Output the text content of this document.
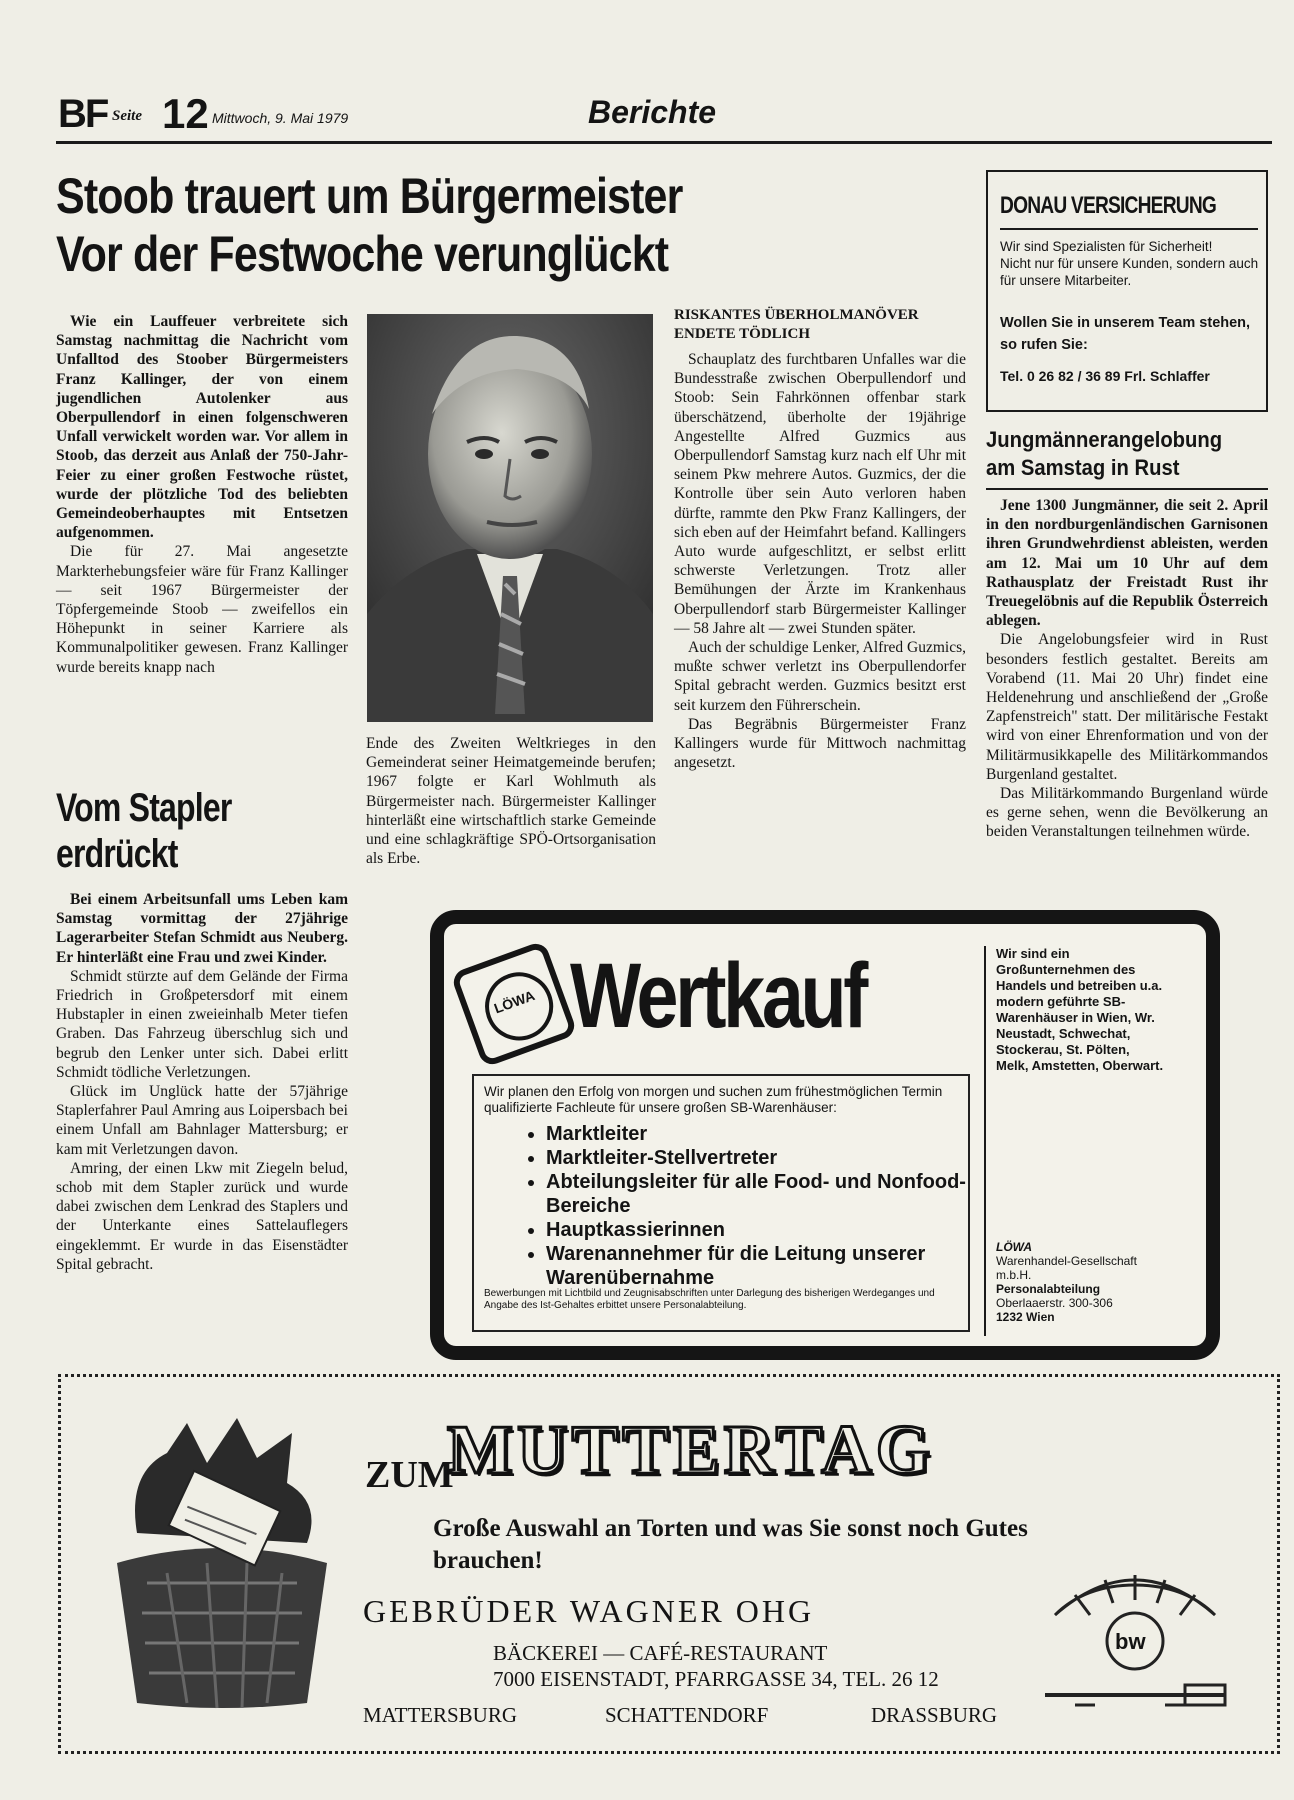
BF Seite 12 Mittwoch, 9. Mai 1979	Berichte
Stoob trauert um Bürgermeister
Vor der Festwoche verunglückt

Wie ein Lauffeuer verbreitete sich Samstag nachmittag die Nachricht vom Unfalltod des Stoober Bürgermeisters Franz Kallinger, der von einem jugendlichen Autolenker aus Oberpullendorf in einen folgenschweren Unfall verwickelt worden war. Vor allem in Stoob, das derzeit aus Anlaß der 750-Jahr-Feier zu einer großen Festwoche rüstet, wurde der plötzliche Tod des beliebten Gemeindeoberhauptes mit Entsetzen aufgenommen.

Die für 27. Mai angesetzte Markterhebungsfeier wäre für Franz Kallinger — seit 1967 Bürgermeister der Töpfergemeinde Stoob — zweifellos ein Höhepunkt in seiner Karriere als Kommunalpolitiker gewesen. Franz Kallinger wurde bereits knapp nach

Vom Stapler
erdrückt

Bei einem Arbeitsunfall ums Leben kam Samstag vormittag der 27jährige Lagerarbeiter Stefan Schmidt aus Neuberg. Er hinterläßt eine Frau und zwei Kinder.

Schmidt stürzte auf dem Gelände der Firma Friedrich in Großpetersdorf mit einem Hubstapler in einen zweieinhalb Meter tiefen Graben. Das Fahrzeug überschlug sich und begrub den Lenker unter sich. Dabei erlitt Schmidt tödliche Verletzungen.

Glück im Unglück hatte der 57jährige Staplerfahrer Paul Amring aus Loipersbach bei einem Unfall am Bahnlager Mattersburg; er kam mit Verletzungen davon.

Amring, der einen Lkw mit Ziegeln belud, schob mit dem Stapler zurück und wurde dabei zwischen dem Lenkrad des Staplers und der Unterkante eines Sattelauflegers eingeklemmt. Er wurde in das Eisenstädter Spital gebracht.

Ende des Zweiten Weltkrieges in den Gemeinderat seiner Heimatgemeinde berufen; 1967 folgte er Karl Wohlmuth als Bürgermeister nach. Bürgermeister Kallinger hinterläßt eine wirtschaftlich starke Gemeinde und eine schlagkräftige SPÖ-Ortsorganisation als Erbe.

RISKANTES ÜBERHOLMANÖVER ENDETE TÖDLICH

Schauplatz des furchtbaren Unfalles war die Bundesstraße zwischen Oberpullendorf und Stoob: Sein Fahrkönnen offenbar stark überschätzend, überholte der 19jährige Angestellte Alfred Guzmics aus Oberpullendorf Samstag kurz nach elf Uhr mit seinem Pkw mehrere Autos. Guzmics, der die Kontrolle über sein Auto verloren haben dürfte, rammte den Pkw Franz Kallingers, der sich eben auf der Heimfahrt befand. Kallingers Auto wurde aufgeschlitzt, er selbst erlitt schwerste Verletzungen. Trotz aller Bemühungen der Ärzte im Krankenhaus Oberpullendorf starb Bürgermeister Kallinger — 58 Jahre alt — zwei Stunden später.

Auch der schuldige Lenker, Alfred Guzmics, mußte schwer verletzt ins Oberpullendorfer Spital gebracht werden. Guzmics besitzt erst seit kurzem den Führerschein.

Das Begräbnis Bürgermeister Franz Kallingers wurde für Mittwoch nachmittag angesetzt.

DONAU VERSICHERUNG
Wir sind Spezialisten für Sicherheit!
Nicht nur für unsere Kunden, sondern auch für unsere Mitarbeiter.
Wollen Sie in unserem Team stehen, so rufen Sie:
Tel. 0 26 82 / 36 89 Frl. Schlaffer
Jungmännerangelobung
am Samstag in Rust

Jene 1300 Jungmänner, die seit 2. April in den nordburgenländischen Garnisonen ihren Grundwehrdienst ableisten, werden am 12. Mai um 10 Uhr auf dem Rathausplatz der Freistadt Rust ihr Treuegelöbnis auf die Republik Österreich ablegen.

Die Angelobungsfeier wird in Rust besonders festlich gestaltet. Bereits am Vorabend (11. Mai 20 Uhr) findet eine Heldenehrung und anschließend der „Große Zapfenstreich" statt. Der militärische Festakt wird von einer Ehrenformation und von der Militärmusikkapelle des Militärkommandos Burgenland gestaltet.

Das Militärkommando Burgenland würde es gerne sehen, wenn die Bevölkerung an beiden Veranstaltungen teilnehmen würde.

LÖWA Wertkauf
Wir planen den Erfolg von morgen und suchen zum frühestmöglichen Termin qualifizierte Fachleute für unsere großen SB-Warenhäuser:
• Marktleiter
• Marktleiter-Stellvertreter
• Abteilungsleiter für alle Food- und Nonfood-Bereiche
• Hauptkassierinnen
• Warenannehmer für die Leitung unserer Warenübernahme
Bewerbungen mit Lichtbild und Zeugnisabschriften unter Darlegung des bisherigen Werdeganges und Angabe des Ist-Gehaltes erbittet unsere Personalabteilung.
Wir sind ein Großunternehmen des Handels und betreiben u.a. modern geführte SB-Warenhäuser in Wien, Wr. Neustadt, Schwechat, Stockerau, St. Pölten, Melk, Amstetten, Oberwart.
LÖWA
Warenhandel-Gesellschaft m.b.H.
Personalabteilung
Oberlaaerstr. 300-306
1232 Wien
ZUM
MUTTERTAG
Große Auswahl an Torten und was Sie sonst noch Gutes brauchen!
GEBRÜDER WAGNER OHG
BÄCKEREI — CAFÉ-RESTAURANT
7000 EISENSTADT, PFARRGASSE 34, TEL. 26 12
MATTERSBURG	SCHATTENDORF	DRASSBURG
bw
